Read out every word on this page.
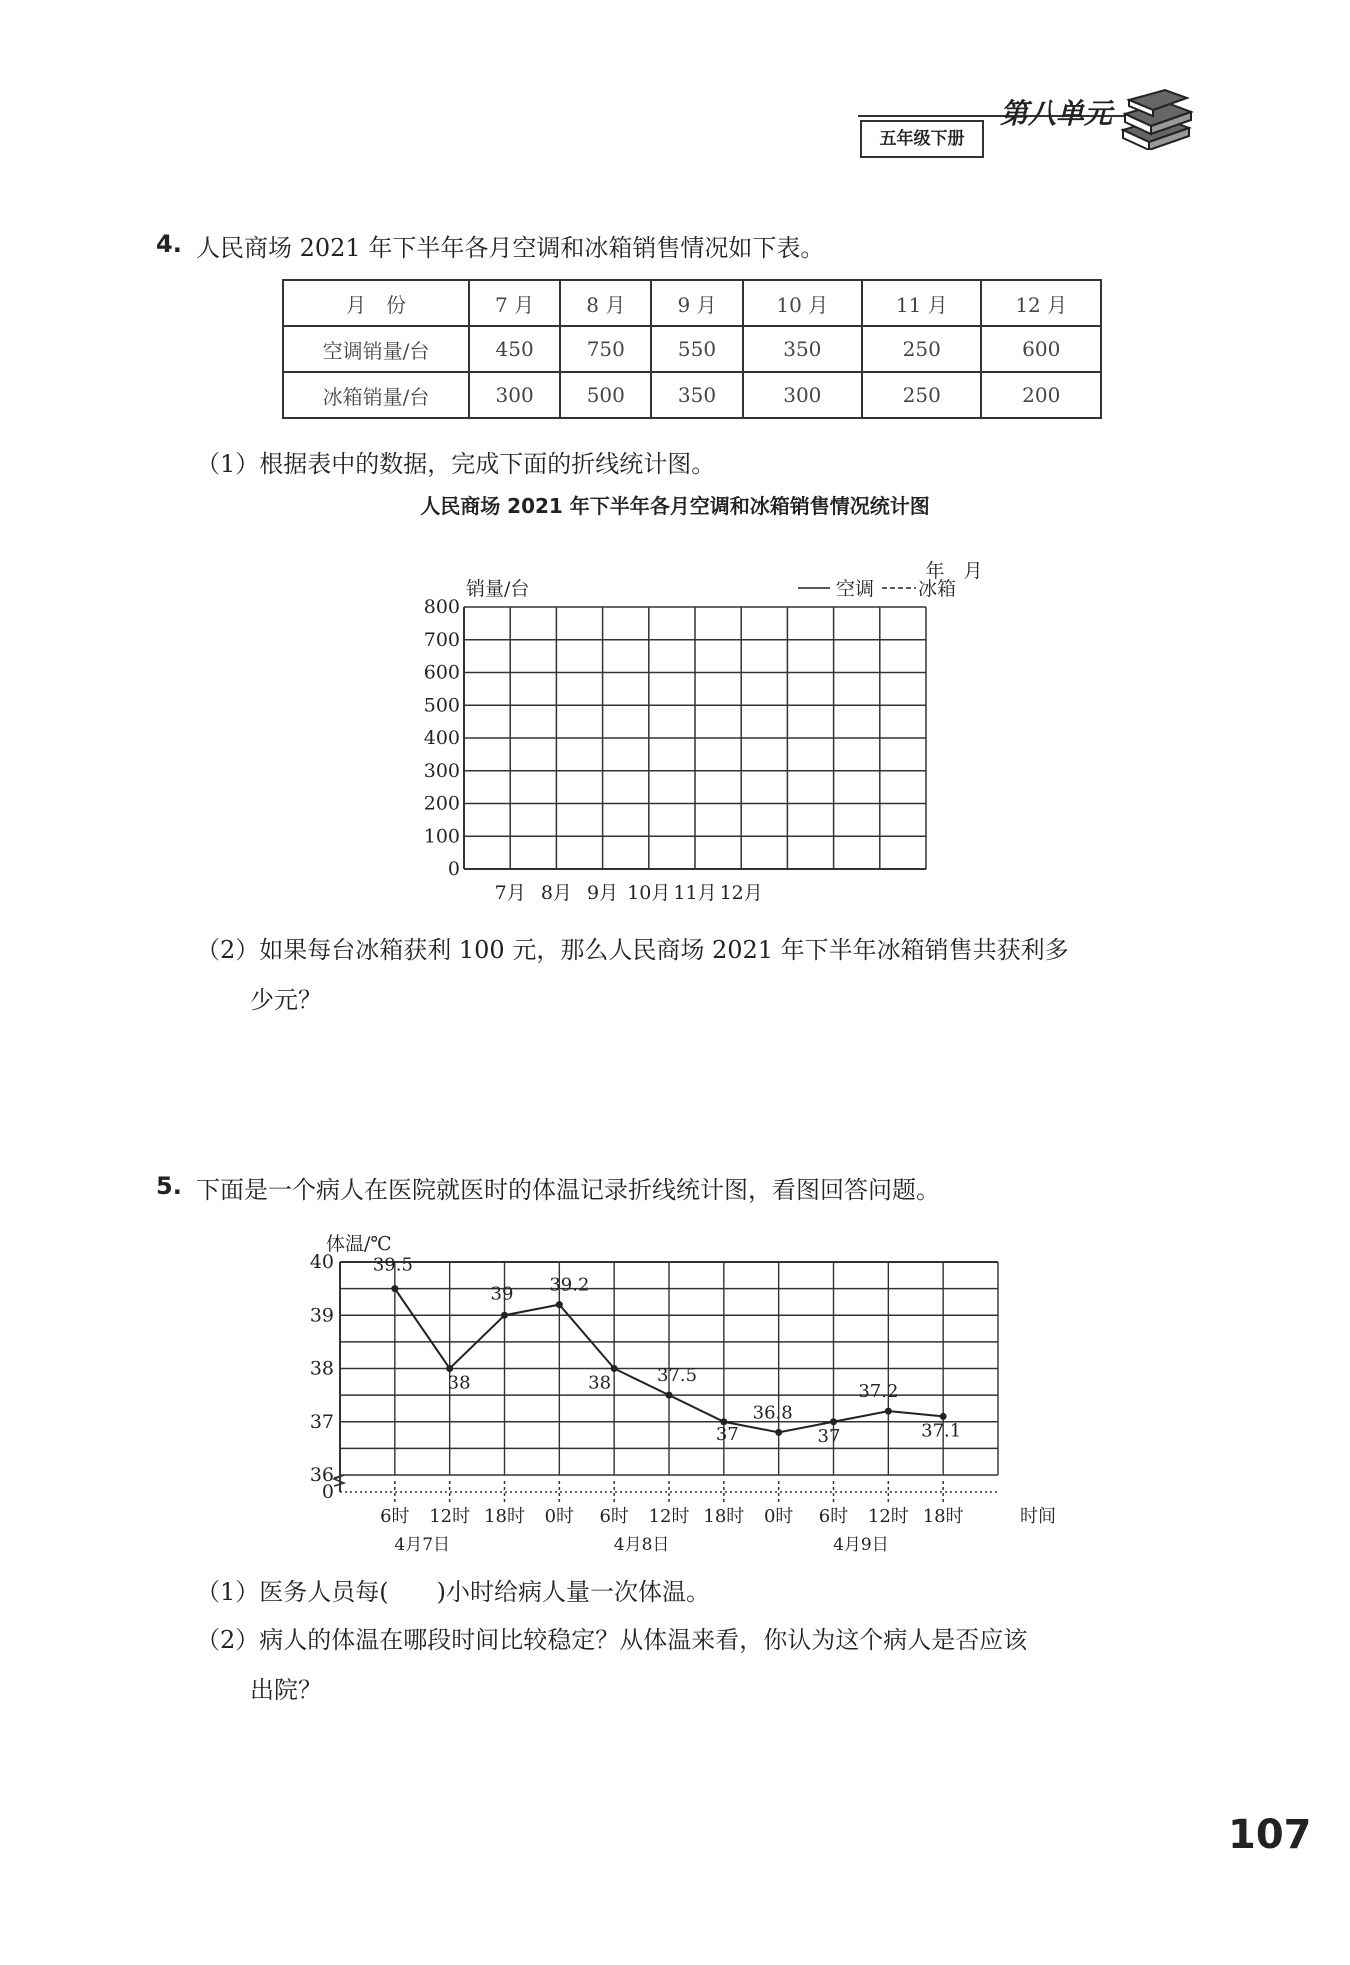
五年级下册
第八单元
4. 人民商场 2021 年下半年各月空调和冰箱销售情况如下表。
月　份	7 月	8 月	9 月	10 月	11 月	12 月
空调销量/台	450	750	550	350	250	600
冰箱销量/台	300	500	350	300	250	200
（1）根据表中的数据，完成下面的折线统计图。
人民商场 2021 年下半年各月空调和冰箱销售情况统计图
800
700
600
500
400
300
200
100
0
7月 8月 9月 10月 11月 12月
销量/台
年　月
空调 冰箱
（2）如果每台冰箱获利 100 元，那么人民商场 2021 年下半年冰箱销售共获利多
少元？
5. 下面是一个病人在医院就医时的体温记录折线统计图，看图回答问题。
40
39
38
37
36
0
体温/℃
6时 12时 18时 0时 6时 12时 18时 0时 6时 12时 18时	时间
4月7日	4月8日	4月9日
39.5
38
39 39.2
38	37.5
37
36.8
37
37.2
37.1
（1）医务人员每(　　)小时给病人量一次体温。
（2）病人的体温在哪段时间比较稳定？从体温来看，你认为这个病人是否应该
出院？
107
